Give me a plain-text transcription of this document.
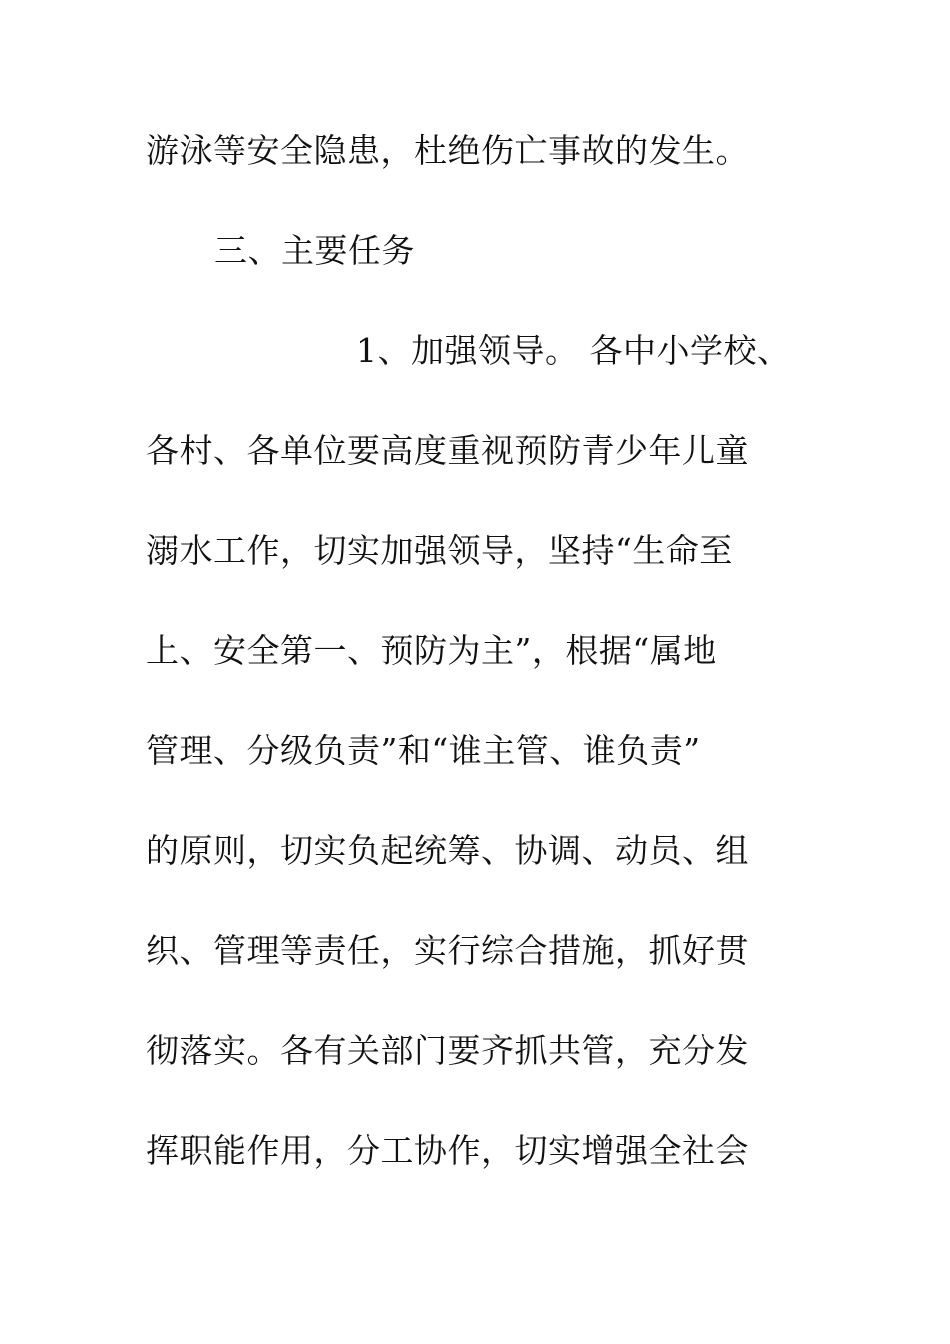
游泳等安全隐患，杜绝伤亡事故的发生。
三、主要任务
1、加强领导。 各中小学校、
各村、各单位要高度重视预防青少年儿童
溺水工作，切实加强领导，坚持“生命至
上、安全第一、预防为主”，根据“属地
管理、分级负责”和“谁主管、谁负责”
的原则，切实负起统筹、协调、动员、组
织、管理等责任，实行综合措施，抓好贯
彻落实。各有关部门要齐抓共管，充分发
挥职能作用，分工协作，切实增强全社会
